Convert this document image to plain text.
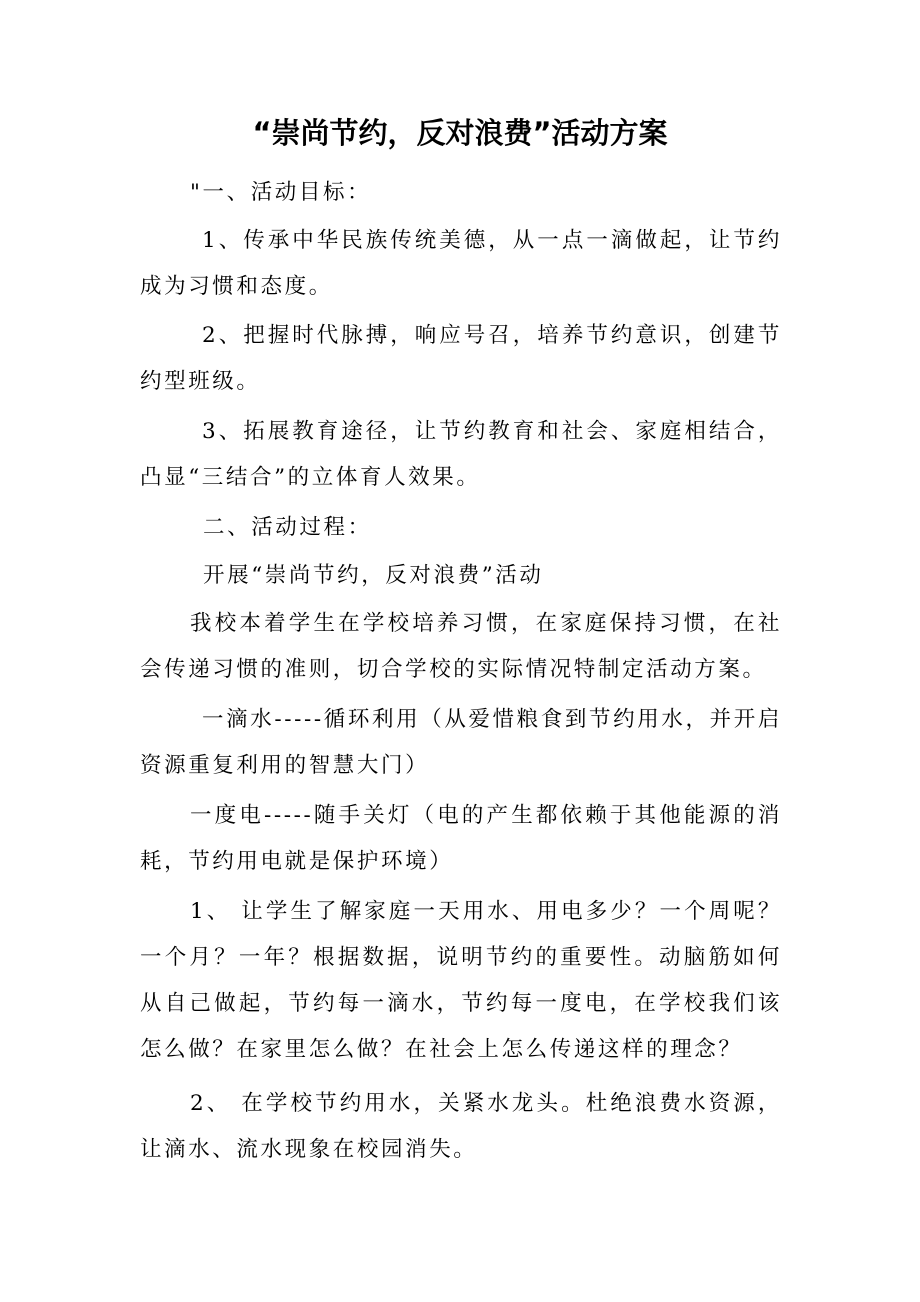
“崇尚节约，反对浪费”活动方案
"一、活动目标：

1、传承中华民族传统美德，从一点一滴做起，让节约成为习惯和态度。

2、把握时代脉搏，响应号召，培养节约意识，创建节约型班级。

3、拓展教育途径，让节约教育和社会、家庭相结合，凸显“三结合”的立体育人效果。

二、活动过程：
开展“崇尚节约，反对浪费”活动

我校本着学生在学校培养习惯，在家庭保持习惯，在社会传递习惯的准则，切合学校的实际情况特制定活动方案。

一滴水-----循环利用（从爱惜粮食到节约用水，并开启资源重复利用的智慧大门）

一度电-----随手关灯（电的产生都依赖于其他能源的消耗，节约用电就是保护环境）

1、 让学生了解家庭一天用水、用电多少？一个周呢？一个月？一年？根据数据，说明节约的重要性。动脑筋如何从自己做起，节约每一滴水，节约每一度电，在学校我们该怎么做？在家里怎么做？在社会上怎么传递这样的理念？

2、 在学校节约用水，关紧水龙头。杜绝浪费水资源，让滴水、流水现象在校园消失。
